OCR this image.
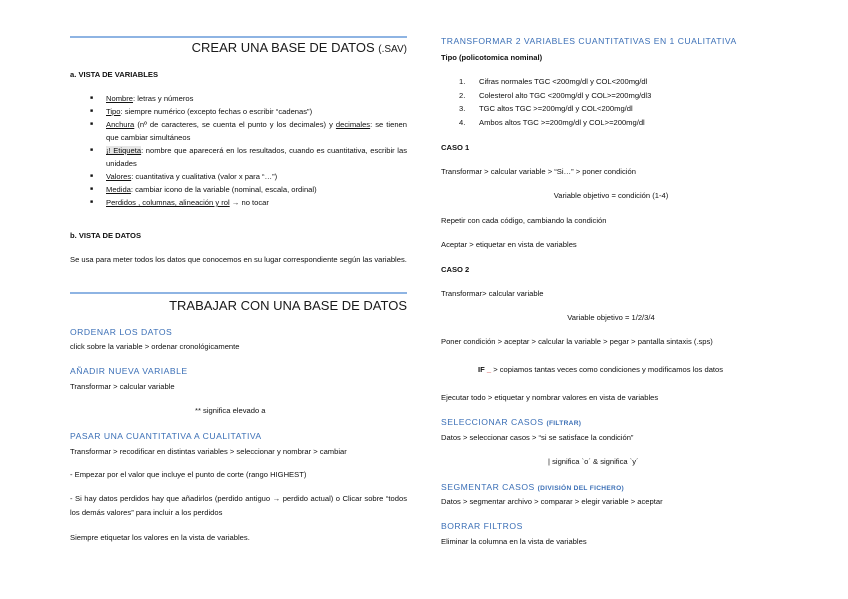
CREAR UNA BASE DE DATOS (.SAV)
a. VISTA DE VARIABLES
■ Nombre: letras y números
■ Tipo: siempre numérico (excepto fechas o escribir “cadenas”)
■ Anchura (nº de caracteres, se cuenta el punto y los decimales) y decimales: se tienen que cambiar simultáneos
■ ¡! Etiqueta: nombre que aparecerá en los resultados, cuando es cuantitativa, escribir las unidades
■ Valores: cuantitativa y cualitativa (valor x para “…”)
■ Medida: cambiar icono de la variable (nominal, escala, ordinal)
■ Perdidos , columnas, alineación y rol → no tocar
b. VISTA DE DATOS
Se usa para meter todos los datos que conocemos en su lugar correspondiente según las variables.
TRABAJAR CON UNA BASE DE DATOS
ORDENAR LOS DATOS
click sobre la variable > ordenar cronológicamente
AÑADIR NUEVA VARIABLE
Transformar > calcular variable
** significa elevado a
PASAR UNA CUANTITATIVA A CUALITATIVA
Transformar > recodificar en distintas variables > seleccionar y nombrar > cambiar
- Empezar por el valor que incluye el punto de corte (rango HIGHEST)
- Si hay datos perdidos hay que añadirlos (perdido antiguo → perdido actual) o Clicar sobre “todos los demás valores” para incluir a los perdidos
Siempre etiquetar los valores en la vista de variables.
TRANSFORMAR 2 VARIABLES CUANTITATIVAS EN 1 CUALITATIVA
Tipo (policotomica nominal)
1. Cifras normales TGC <200mg/dl y COL<200mg/dl
2. Colesterol alto TGC <200mg/dl y COL>=200mg/dl3
3. TGC altos TGC >=200mg/dl y COL<200mg/dl
4. Ambos altos TGC >=200mg/dl y COL>=200mg/dl
CASO 1
Transformar > calcular variable > “Si…” > poner condición
Variable objetivo = condición (1-4)
Repetir con cada código, cambiando la condición
Aceptar > etiquetar en vista de variables
CASO 2
Transformar> calcular variable
Variable objetivo = 1/2/3/4
Poner condición > aceptar > calcular la variable > pegar > pantalla sintaxis (.sps)
IF _ > copiamos tantas veces como condiciones y modificamos los datos
Ejecutar todo > etiquetar y nombrar valores en vista de variables
SELECCIONAR CASOS (FILTRAR)
Datos > seleccionar casos > “si se satisface la condición”
| significa `o´ & significa `y´
SEGMENTAR CASOS (DIVISIÓN DEL FICHERO)
Datos > segmentar archivo > comparar > elegir variable > aceptar
BORRAR FILTROS
Eliminar la columna en la vista de variables
